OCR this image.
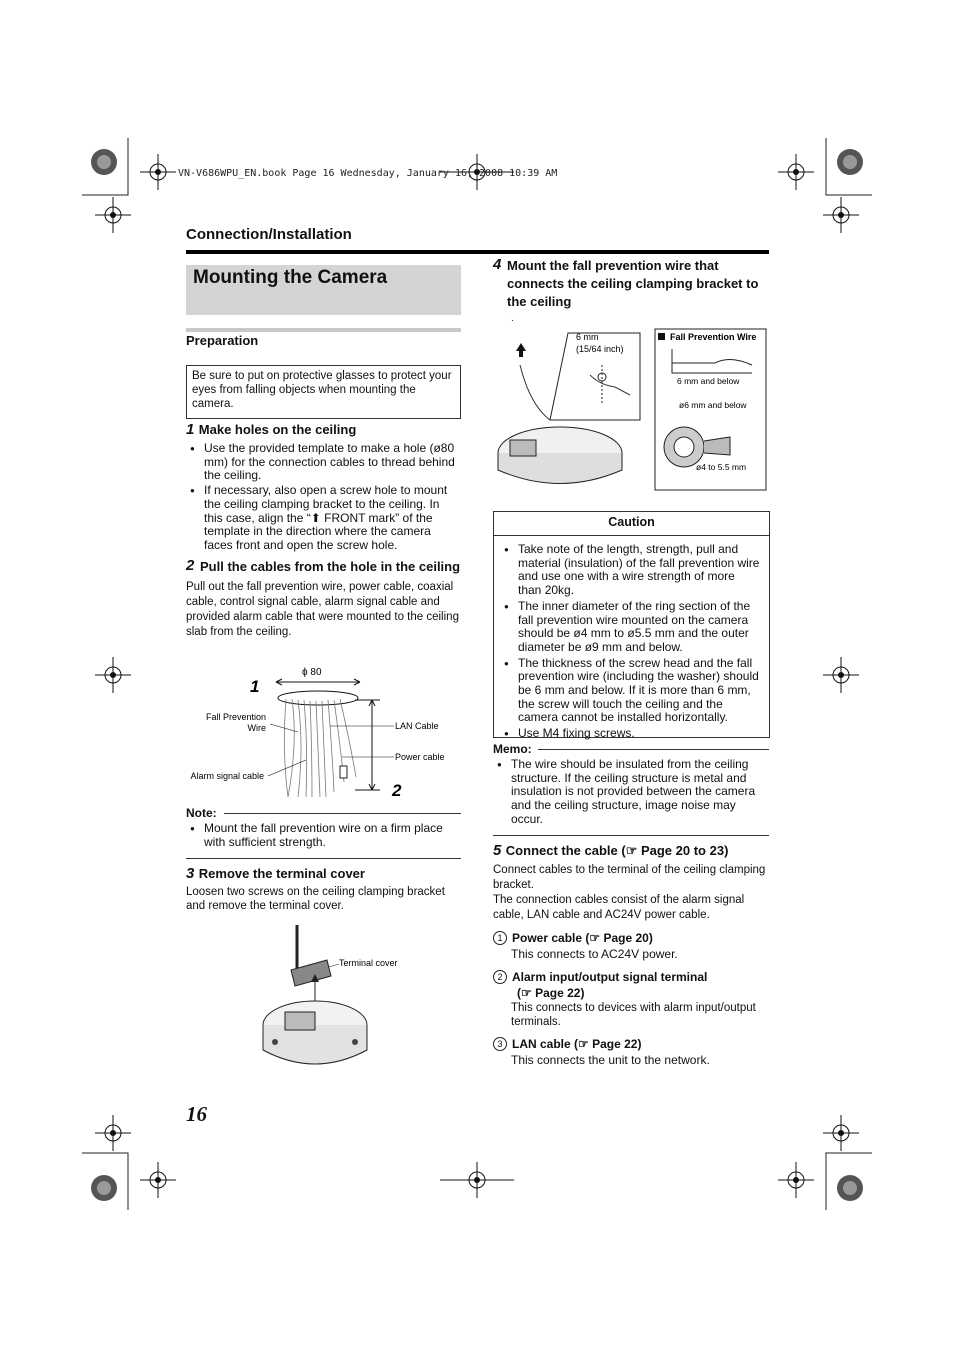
VN-V686WPU_EN.book Page 16 Wednesday, January 16, 2008 10:39 AM
Connection/Installation
Mounting the Camera
Preparation
Be sure to put on protective glasses to protect your eyes from falling objects when mounting the camera.
1 Make holes on the ceiling
● Use the provided template to make a hole (ø80 mm) for the connection cables to thread behind the ceiling.
● If necessary, also open a screw hole to mount the ceiling clamping bracket to the ceiling. In this case, align the “⬆ FRONT mark” of the template in the direction where the camera faces front and open the screw hole.
2 Pull the cables from the hole in the ceiling
Pull out the fall prevention wire, power cable, coaxial cable, control signal cable, alarm signal cable and provided alarm cable that were mounted to the ceiling slab from the ceiling.
ϕ 80
1
2
Fall Prevention
Wire	LAN Cable
Power cable
Alarm signal cable
Note:
● Mount the fall prevention wire on a firm place with sufficient strength.
3 Remove the terminal cover
Loosen two screws on the ceiling clamping bracket and remove the terminal cover.
Terminal cover
4 Mount the fall prevention wire that connects the ceiling clamping bracket to the ceiling
.
6 mm
(15/64 inch)
Fall Prevention Wire
6 mm and below
ø6 mm and below
ø4 to 5.5 mm
Caution
● Take note of the length, strength, pull and material (insulation) of the fall prevention wire and use one with a wire strength of more than 20kg.
● The inner diameter of the ring section of the fall prevention wire mounted on the camera should be ø4 mm to ø5.5 mm and the outer diameter be ø9 mm and below.
● The thickness of the screw head and the fall prevention wire (including the washer) should be 6 mm and below. If it is more than 6 mm, the screw will touch the ceiling and the camera cannot be installed horizontally.
● Use M4 fixing screws.
Memo:
● The wire should be insulated from the ceiling structure. If the ceiling structure is metal and insulation is not provided between the camera and the ceiling structure, image noise may occur.
5 Connect the cable (☞ Page 20 to 23)
Connect cables to the terminal of the ceiling clamping bracket.
The connection cables consist of the alarm signal cable, LAN cable and AC24V power cable.
1 Power cable (☞ Page 20)
This connects to AC24V power.
2 Alarm input/output signal terminal
(☞ Page 22)
This connects to devices with alarm input/output terminals.
3 LAN cable (☞ Page 22)
This connects the unit to the network.
16
